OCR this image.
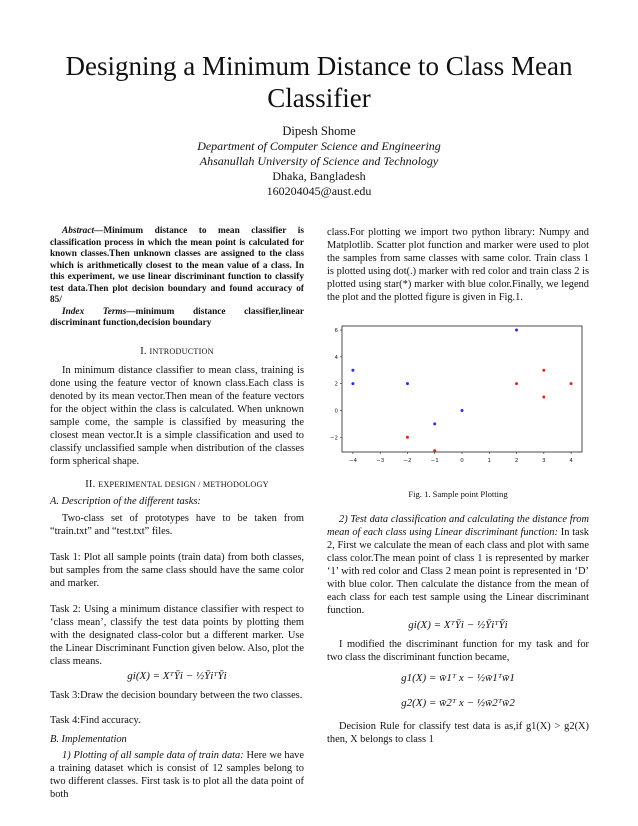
Designing a Minimum Distance to Class Mean Classifier
Dipesh Shome
Department of Computer Science and Engineering
Ahsanullah University of Science and Technology
Dhaka, Bangladesh
160204045@aust.edu

Abstract—Minimum distance to mean classifier is classification process in which the mean point is calculated for known classes.Then unknown classes are assigned to the class which is arithmetically closest to the mean value of a class. In this experiment, we use linear discriminant function to classify test data.Then plot decision boundary and found accuracy of 85/

Index Terms—minimum distance classifier,linear discriminant function,decision boundary

I. INTRODUCTION

In minimum distance classifier to mean class, training is done using the feature vector of known class.Each class is denoted by its mean vector.Then mean of the feature vectors for the object within the class is calculated. When unknown sample come, the sample is classified by measuring the closest mean vector.It is a simple classification and used to classify unclassified sample when distribution of the classes form spherical shape.

II. EXPERIMENTAL DESIGN / METHODOLOGY

A. Description of the different tasks:

Two-class set of prototypes have to be taken from “train.txt” and “test.txt” files.

Task 1: Plot all sample points (train data) from both classes, but samples from the same class should have the same color and marker.

Task 2: Using a minimum distance classifier with respect to ‘class mean’, classify the test data points by plotting them with the designated class-color but a different marker. Use the Linear Discriminant Function given below. Also, plot the class means.

gi(X) = XᵀȲi − ½ȲiᵀȲi

Task 3:Draw the decision boundary between the two classes.

Task 4:Find accuracy.

B. Implementation

1) Plotting of all sample data of train data: Here we have a training dataset which is consist of 12 samples belong to two different classes. First task is to plot all the data point of both

−4	−3	−2	−1	0	1	2	3	4
−2
0
2
4
6
Fig. 1. Sample point Plotting

2) Test data classification and calculating the distance from mean of each class using Linear discriminant function: In task 2, First we calculate the mean of each class and plot with same class color.The mean point of class 1 is represented by marker ‘1’ with red color and Class 2 mean point is represented in ‘D’ with blue color. Then calculate the distance from the mean of each class for each test sample using the Linear discriminant function.

gi(X) = XᵀȲi − ½ȲiᵀȲi

I modified the discriminant function for my task and for two class the discriminant function became,

g1(X) = w̄1ᵀ x − ½w̄1ᵀw̄1

g2(X) = w̄2ᵀ x − ½w̄2ᵀw̄2

Decision Rule for classify test data is as,if g1(X) > g2(X) then, X belongs to class 1

class.For plotting we import two python library: Numpy and Matplotlib. Scatter plot function and marker were used to plot the samples from same classes with same color. Train class 1 is plotted using dot(.) marker with red color and train class 2 is plotted using star(*) marker with blue color.Finally, we legend the plot and the plotted figure is given in Fig.1.
